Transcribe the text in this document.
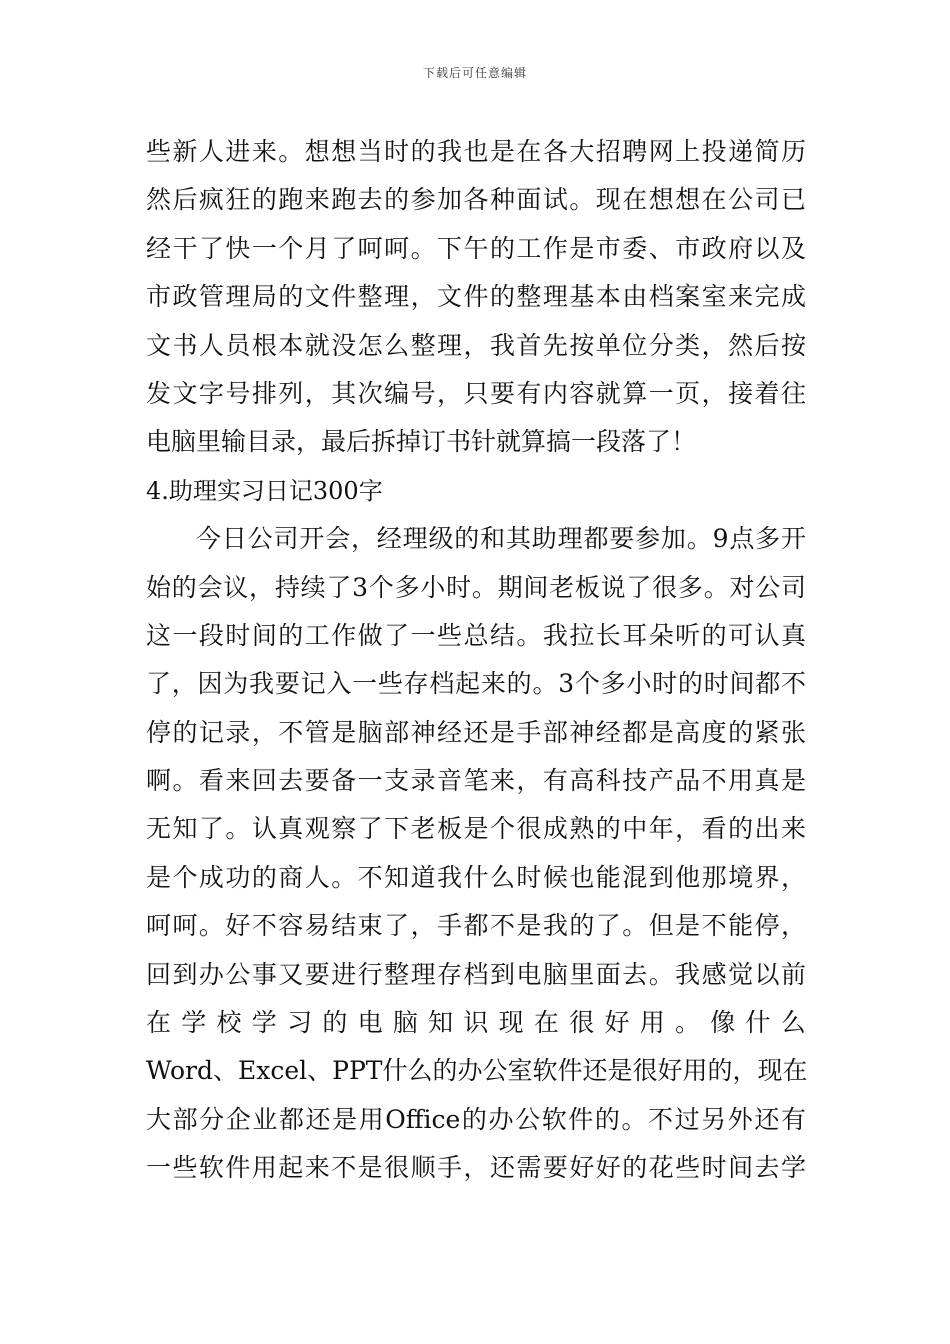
下载后可任意编辑
些新人进来。想想当时的我也是在各大招聘网上投递简历
然后疯狂的跑来跑去的参加各种面试。现在想想在公司已
经干了快一个月了呵呵。下午的工作是市委、市政府以及
市政管理局的文件整理，文件的整理基本由档案室来完成
文书人员根本就没怎么整理，我首先按单位分类，然后按
发文字号排列，其次编号，只要有内容就算一页，接着往
电脑里输目录，最后拆掉订书针就算搞一段落了！
4.助理实习日记300字
今日公司开会，经理级的和其助理都要参加。9点多开
始的会议，持续了3个多小时。期间老板说了很多。对公司
这一段时间的工作做了一些总结。我拉长耳朵听的可认真
了，因为我要记入一些存档起来的。3个多小时的时间都不
停的记录，不管是脑部神经还是手部神经都是高度的紧张
啊。看来回去要备一支录音笔来，有高科技产品不用真是
无知了。认真观察了下老板是个很成熟的中年，看的出来
是个成功的商人。不知道我什么时候也能混到他那境界，
呵呵。好不容易结束了，手都不是我的了。但是不能停，
回到办公事又要进行整理存档到电脑里面去。我感觉以前
在 学 校 学 习 的 电 脑 知 识 现 在 很 好 用 。 像 什 么
Word、Excel、PPT什么的办公室软件还是很好用的，现在
大部分企业都还是用Office的办公软件的。不过另外还有
一些软件用起来不是很顺手，还需要好好的花些时间去学
